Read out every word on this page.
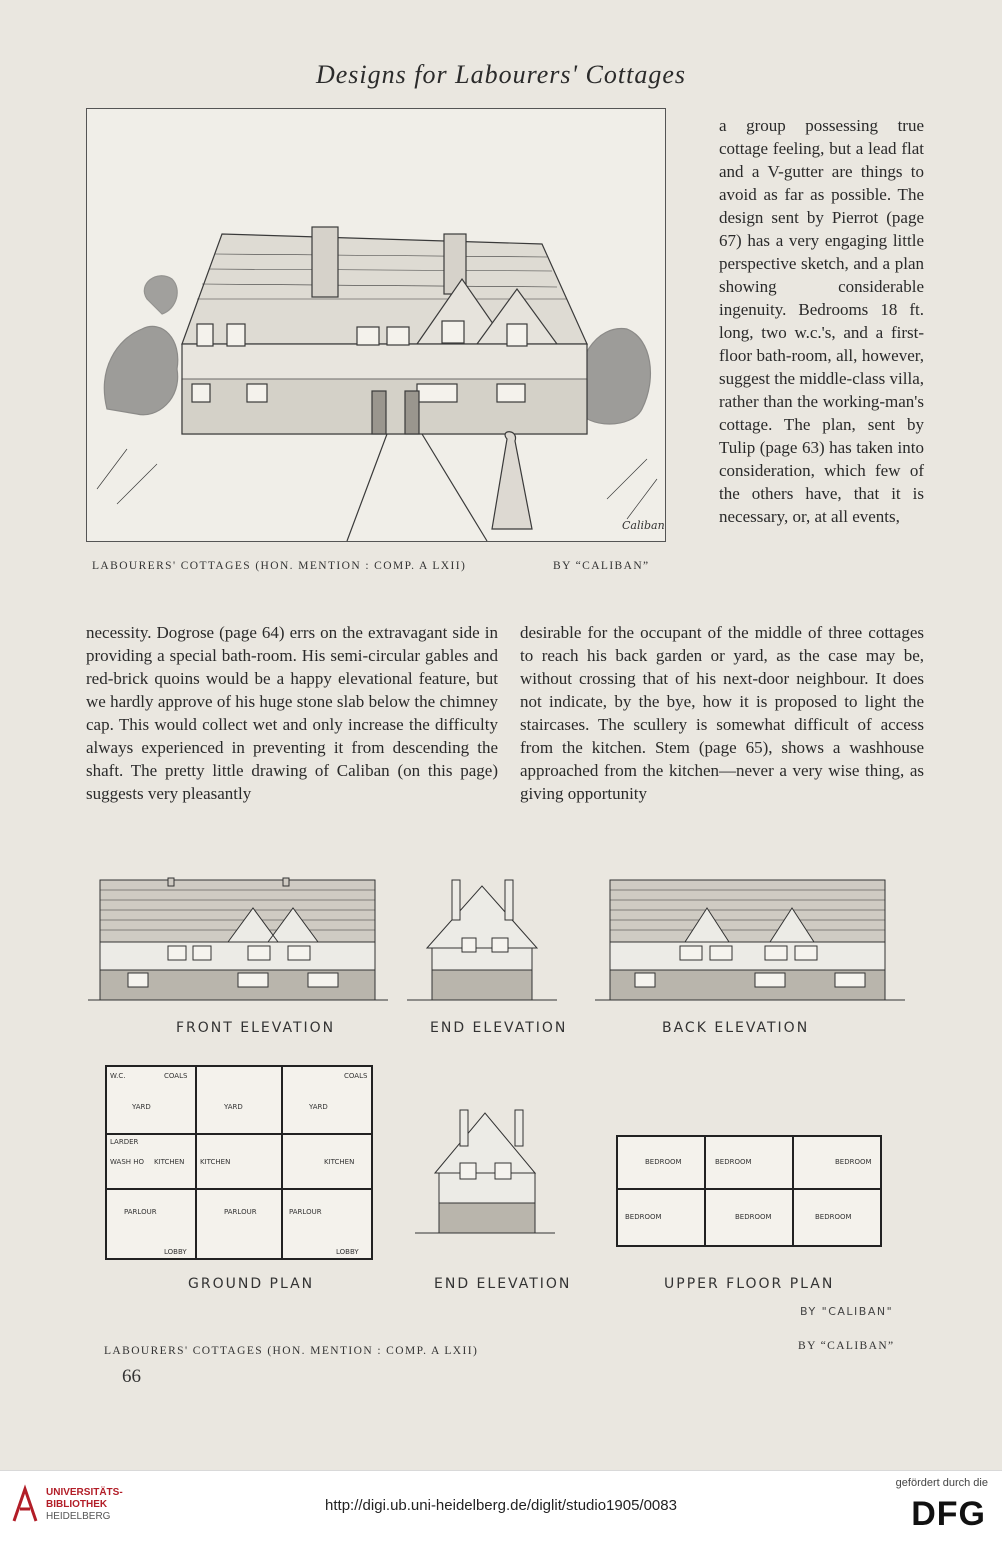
Designs for Labourers' Cottages
Caliban
LABOURERS' COTTAGES (HON. MENTION : COMP. A LXII)	BY “CALIBAN”

a group possessing true cottage feeling, but a lead flat and a V-gutter are things to avoid as far as possible. The design sent by Pierrot (page 67) has a very engaging little perspective sketch, and a plan showing considerable ingenuity. Bedrooms 18 ft. long, two w.c.'s, and a first-floor bath-room, all, however, suggest the middle-class villa, rather than the working-man's cottage. The plan, sent by Tulip (page 63) has taken into consideration, which few of the others have, that it is necessary, or, at all events,

necessity. Dogrose (page 64) errs on the extravagant side in providing a special bath-room. His semi-circular gables and red-brick quoins would be a happy elevational feature, but we hardly approve of his huge stone slab below the chimney cap. This would collect wet and only increase the difficulty always experienced in preventing it from descending the shaft. The pretty little drawing of Caliban (on this page) suggests very pleasantly

desirable for the occupant of the middle of three cottages to reach his back garden or yard, as the case may be, without crossing that of his next-door neighbour. It does not indicate, by the bye, how it is proposed to light the staircases. The scullery is somewhat difficult of access from the kitchen. Stem (page 65), shows a washhouse approached from the kitchen—never a very wise thing, as giving opportunity

FRONT ELEVATION	END ELEVATION	BACK ELEVATION
W.C.	COALS	COALS
YARD	YARD	YARD
LARDER
WASH HO KITCHEN KITCHEN	KITCHEN
PARLOUR	PARLOUR	PARLOUR
LOBBY	LOBBY
GROUND PLAN	END ELEVATION
BEDROOM	BEDROOM	BEDROOM
BEDROOM	BEDROOM	BEDROOM
UPPER FLOOR PLAN
BY "CALIBAN"
LABOURERS' COTTAGES (HON. MENTION : COMP. A LXII)	BY “CALIBAN”
66
UNIVERSITÄTS-
BIBLIOTHEK
HEIDELBERG
http://digi.ub.uni-heidelberg.de/diglit/studio1905/0083
gefördert durch die
DFG
